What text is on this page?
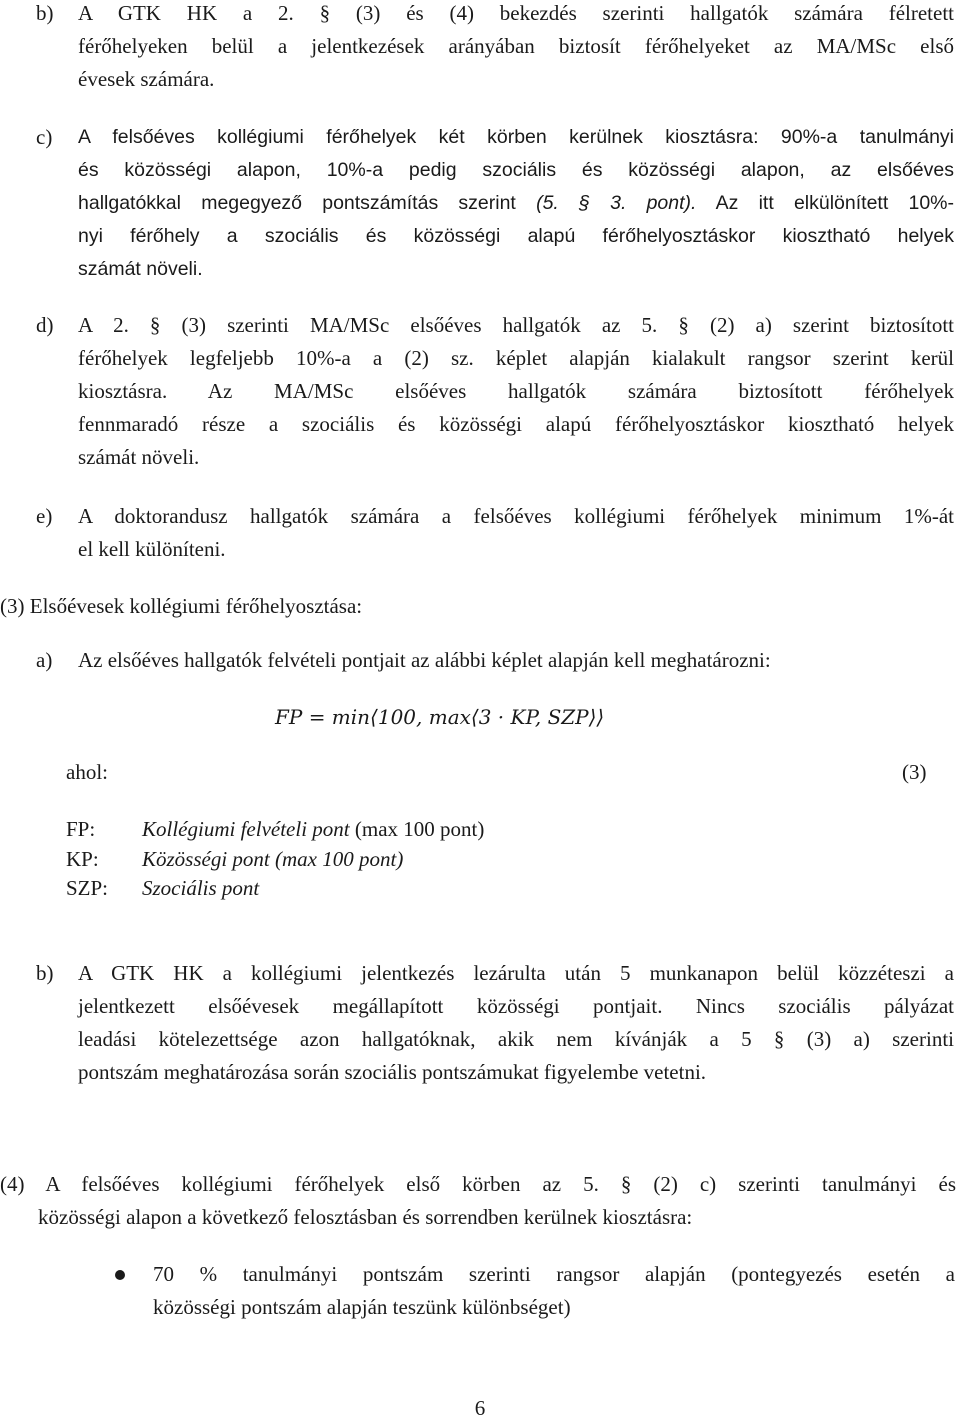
b) A GTK HK a 2. § (3) és (4) bekezdés szerinti hallgatók számára félretett
férőhelyeken belül a jelentkezések arányában biztosít férőhelyeket az MA/MSc első
évesek számára.
c) A felsőéves kollégiumi férőhelyek két körben kerülnek kiosztásra: 90%-a tanulmányi
és közösségi alapon, 10%-a pedig szociális és közösségi alapon, az elsőéves
hallgatókkal megegyező pontszámítás szerint (5. § 3. pont). Az itt elkülönített 10%-
nyi férőhely a szociális és közösségi alapú férőhelyosztáskor kiosztható helyek
számát növeli.
d) A 2. § (3) szerinti MA/MSc elsőéves hallgatók az 5. § (2) a) szerint biztosított
férőhelyek legfeljebb 10%-a a (2) sz. képlet alapján kialakult rangsor szerint kerül
kiosztásra. Az MA/MSc elsőéves hallgatók számára biztosított férőhelyek
fennmaradó része a szociális és közösségi alapú férőhelyosztáskor kiosztható helyek
számát növeli.
e) A doktorandusz hallgatók számára a felsőéves kollégiumi férőhelyek minimum 1%-át
el kell különíteni.
(3) Elsőévesek kollégiumi férőhelyosztása:
a) Az elsőéves hallgatók felvételi pontjait az alábbi képlet alapján kell meghatározni:
FP = min⟨100, max⟨3 · KP, SZP⟩⟩
ahol:	(3)
FP: Kollégiumi felvételi pont (max 100 pont)
KP: Közösségi pont (max 100 pont)
SZP: Szociális pont
b) A GTK HK a kollégiumi jelentkezés lezárulta után 5 munkanapon belül közzéteszi a
jelentkezett elsőévesek megállapított közösségi pontjait. Nincs szociális pályázat
leadási kötelezettsége azon hallgatóknak, akik nem kívánják a 5 § (3) a) szerinti
pontszám meghatározása során szociális pontszámukat figyelembe vetetni.
(4) A felsőéves kollégiumi férőhelyek első körben az 5. § (2) c) szerinti tanulmányi és
közösségi alapon a következő felosztásban és sorrendben kerülnek kiosztásra:
70 % tanulmányi pontszám szerinti rangsor alapján (pontegyezés esetén a
közösségi pontszám alapján teszünk különbséget)
6
